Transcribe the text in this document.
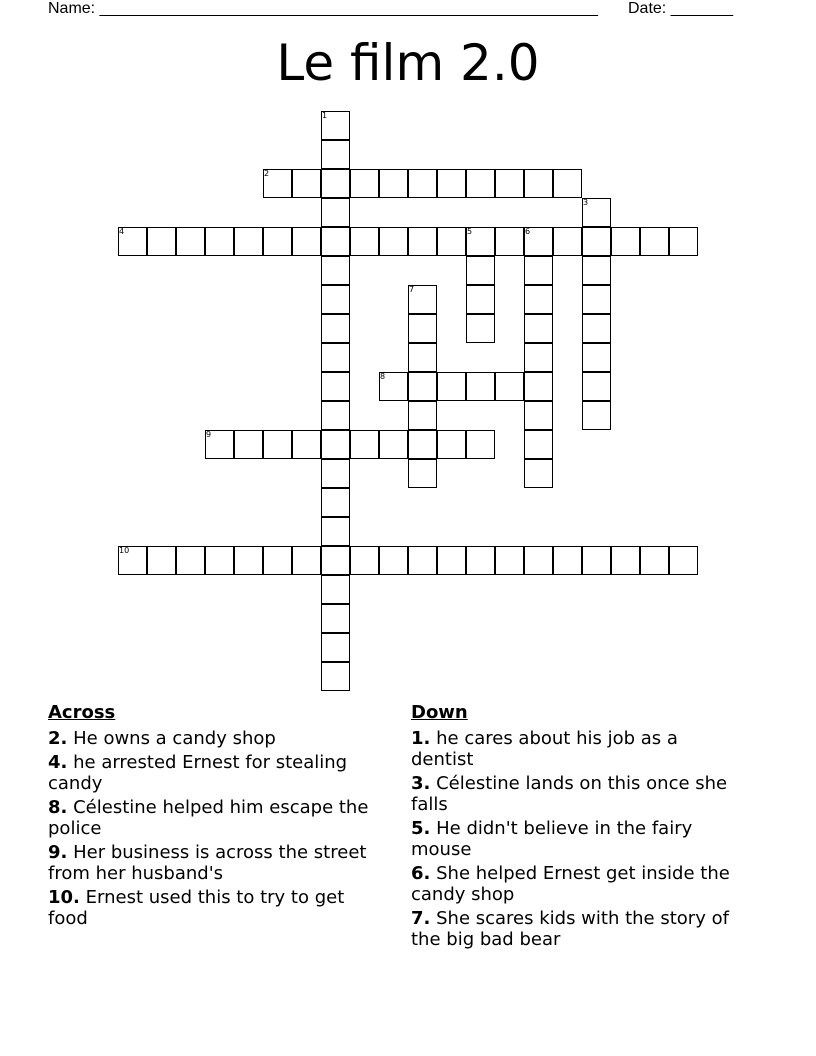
Name: ________________________________________________________ Date: _______
Le film 2.0
1
2
3
4	5	6
7
8
9
10
Across
2. He owns a candy shop
4. he arrested Ernest for stealing candy
8. Célestine helped him escape the police
9. Her business is across the street from her husband's
10. Ernest used this to try to get food
Down
1. he cares about his job as a dentist
3. Célestine lands on this once she falls
5. He didn't believe in the fairy mouse
6. She helped Ernest get inside the candy shop
7. She scares kids with the story of the big bad bear
